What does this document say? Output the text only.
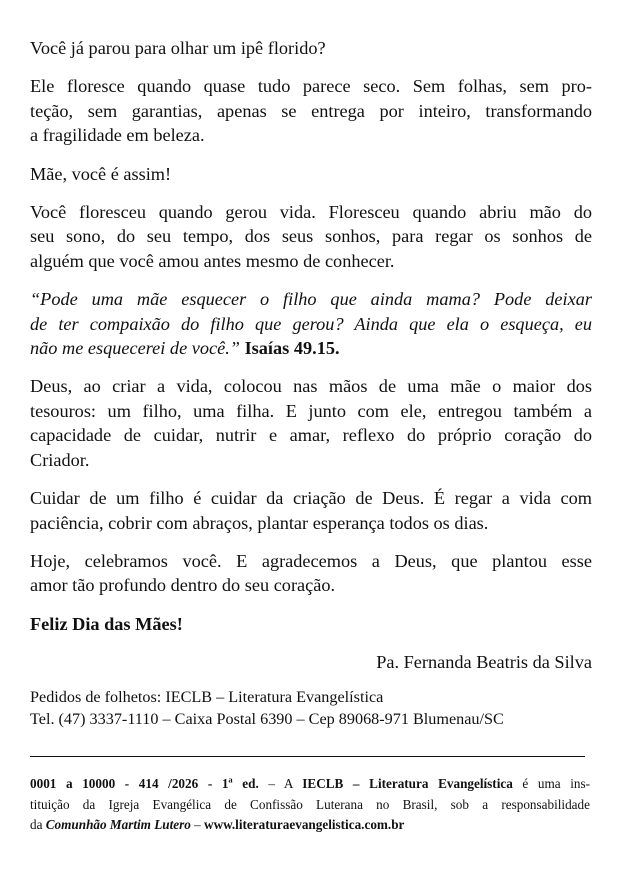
Você já parou para olhar um ipê florido?

Ele floresce quando quase tudo parece seco. Sem folhas, sem pro-
teção, sem garantias, apenas se entrega por inteiro, transformando
a fragilidade em beleza.

Mãe, você é assim!

Você floresceu quando gerou vida. Floresceu quando abriu mão do
seu sono, do seu tempo, dos seus sonhos, para regar os sonhos de
alguém que você amou antes mesmo de conhecer.

“Pode uma mãe esquecer o filho que ainda mama? Pode deixar
de ter compaixão do filho que gerou? Ainda que ela o esqueça, eu
não me esquecerei de você.” Isaías 49.15.

Deus, ao criar a vida, colocou nas mãos de uma mãe o maior dos
tesouros: um filho, uma filha. E junto com ele, entregou também a
capacidade de cuidar, nutrir e amar, reflexo do próprio coração do
Criador.

Cuidar de um filho é cuidar da criação de Deus. É regar a vida com
paciência, cobrir com abraços, plantar esperança todos os dias.

Hoje, celebramos você. E agradecemos a Deus, que plantou esse
amor tão profundo dentro do seu coração.

Feliz Dia das Mães!

Pa. Fernanda Beatris da Silva

Pedidos de folhetos: IECLB – Literatura Evangelística
Tel. (47) 3337-1110 – Caixa Postal 6390 – Cep 89068-971 Blumenau/SC
0001 a 10000 - 414 /2026 - 1$^a$ ed. – A IECLB – Literatura Evangelística é uma ins-
tituição da Igreja Evangélica de Confissão Luterana no Brasil, sob a responsabilidade
da Comunhão Martim Lutero – www.literaturaevangelistica.com.br
